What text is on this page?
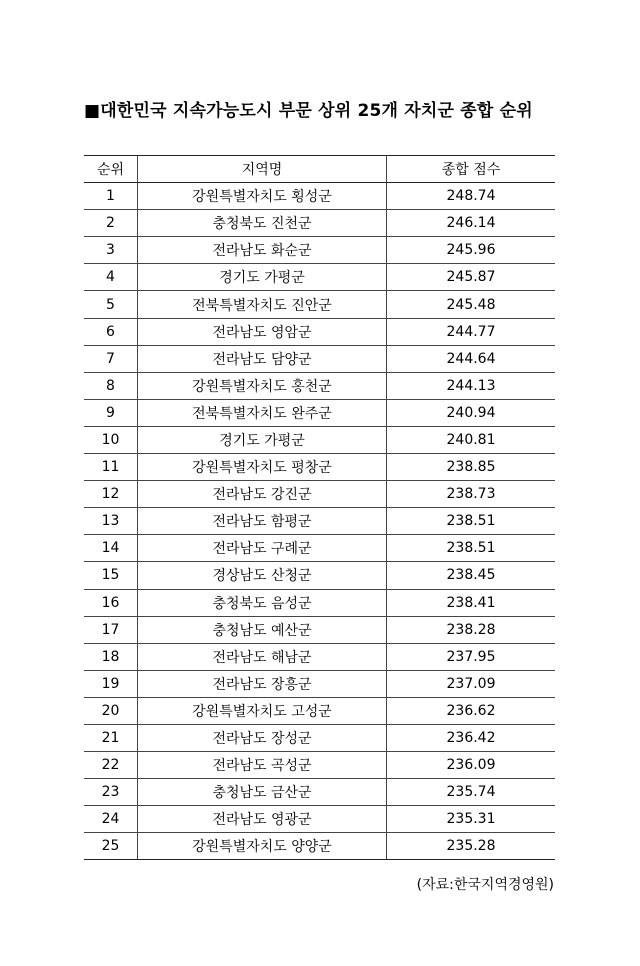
■대한민국 지속가능도시 부문 상위 25개 자치군 종합 순위
순위	지역명	종합 점수
1	강원특별자치도 횡성군	248.74
2	충청북도 진천군	246.14
3	전라남도 화순군	245.96
4	경기도 가평군	245.87
5	전북특별자치도 진안군	245.48
6	전라남도 영암군	244.77
7	전라남도 담양군	244.64
8	강원특별자치도 홍천군	244.13
9	전북특별자치도 완주군	240.94
10	경기도 가평군	240.81
11	강원특별자치도 평창군	238.85
12	전라남도 강진군	238.73
13	전라남도 함평군	238.51
14	전라남도 구례군	238.51
15	경상남도 산청군	238.45
16	충청북도 음성군	238.41
17	충청남도 예산군	238.28
18	전라남도 해남군	237.95
19	전라남도 장흥군	237.09
20	강원특별자치도 고성군	236.62
21	전라남도 장성군	236.42
22	전라남도 곡성군	236.09
23	충청남도 금산군	235.74
24	전라남도 영광군	235.31
25	강원특별자치도 양양군	235.28
(자료:한국지역경영원)
